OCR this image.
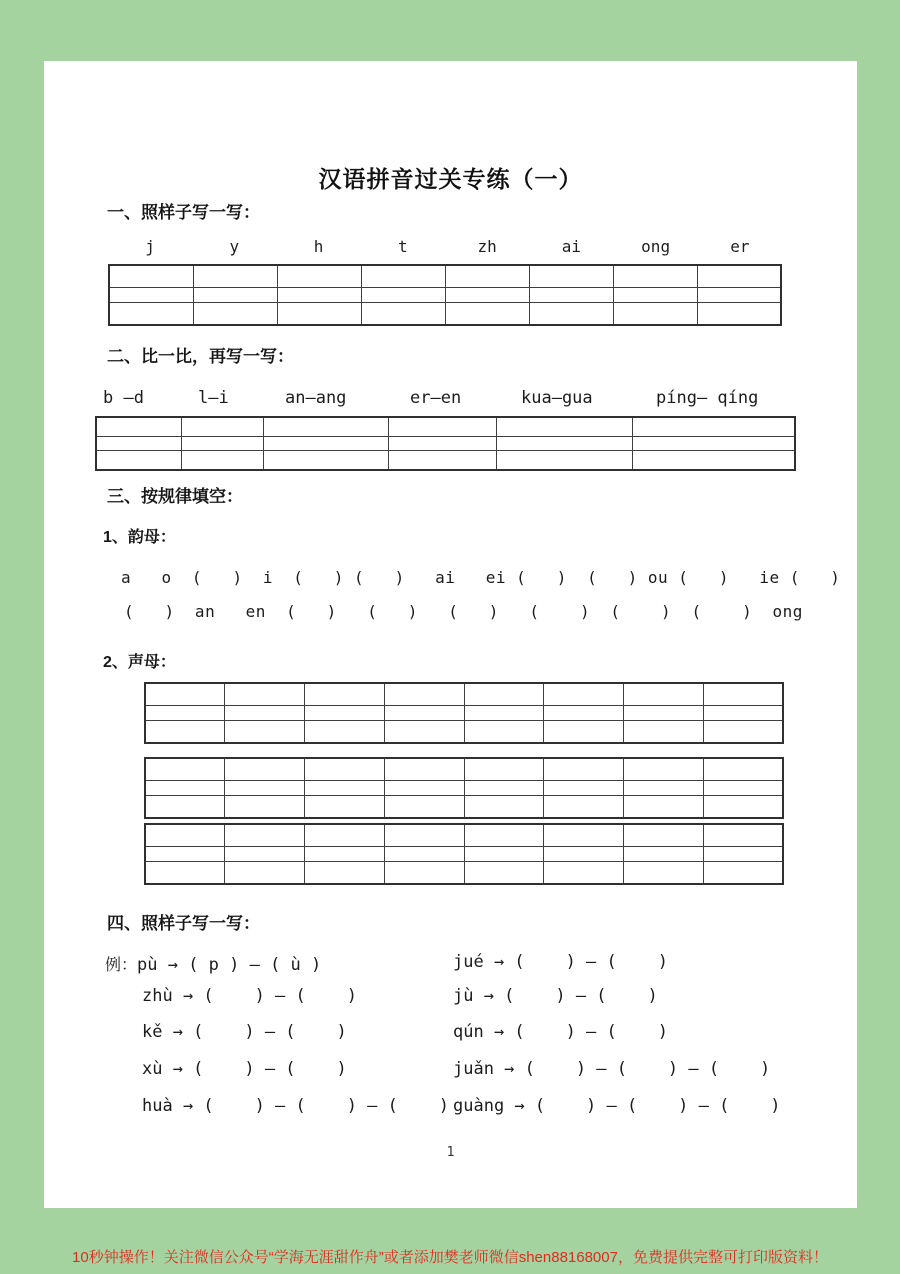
汉语拼音过关专练（一）
一、照样子写一写：
j	y	h	t	zh	ai	ong	er

二、比一比，再写一写：
b —d	l—i	an—ang	er—en	kua—gua	píng— qíng

三、按规律填空：
1、韵母：
a   o  (   )  i  (   ) (   )   ai   ei (   )  (   ) ou (   )   ie (   )
(   )  an   en  (   )   (   )   (   )   (    )  (    )  (    )  ong
2、声母：

四、照样子写一写：
例：pù → ( p ) — ( ù )	jué → (    ) — (    )
zhù → (    ) — (    )	jù → (    ) — (    )
kě → (    ) — (    )	qún → (    ) — (    )
xù → (    ) — (    )	juǎn → (    ) — (    ) — (    )
huà → (    ) — (    ) — (    ) guàng → (    ) — (    ) — (    )
1
10秒钟操作！关注微信公众号“学海无涯甜作舟”或者添加樊老师微信shen88168007，免费提供完整可打印版资料！
